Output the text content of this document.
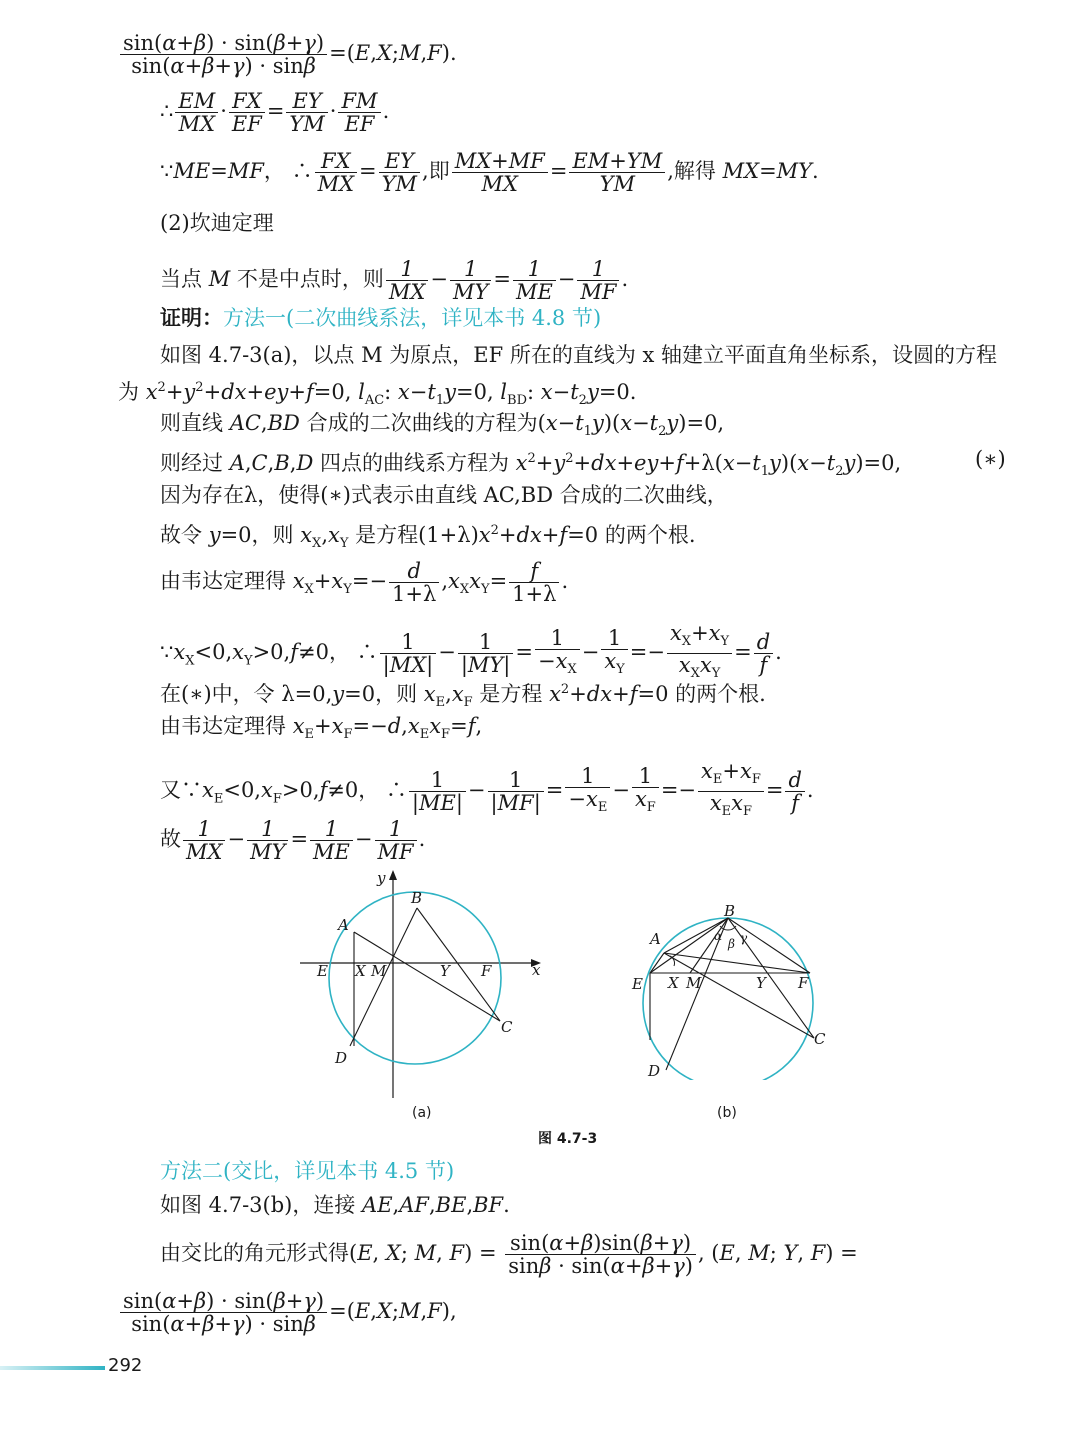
$\frac{\sin(\alpha+\beta) \cdot \sin(\beta+\gamma)}{\sin(\alpha+\beta+\gamma) \cdot \sin\beta}$ =(E,X;M,F).
∴ $\frac{EM}{MX} \cdot \frac{FX}{EF} = \frac{EY}{YM} \cdot \frac{FM}{EF}$ .
∵ME=MF， ∴ $\frac{FX}{MX} = \frac{EY}{YM}$ ,即 $\frac{MX+MF}{MX} = \frac{EM+YM}{YM}$ ,解得 MX=MY.
(2)坎迪定理
当点 M 不是中点时，则 $\frac{1}{MX} - \frac{1}{MY} = \frac{1}{ME} - \frac{1}{MF}$ .
证明：方法一(二次曲线系法，详见本书 4.8 节)
如图 4.7-3(a)，以点 M 为原点，EF 所在的直线为 x 轴建立平面直角坐标系，设圆的方程
为 $x^2+y^2+dx+ey+f=0$, $l_{AC}$: $x-t_1y=0$, $l_{BD}$: $x-t_2y=0$.
则直线 AC,BD 合成的二次曲线的方程为$(x-t_1y)(x-t_2y)=0$,
则经过 A,C,B,D 四点的曲线系方程为 $x^2+y^2+dx+ey+f+\lambda(x-t_1y)(x-t_2y)=0$,	(∗)
因为存在λ，使得(∗)式表示由直线 AC,BD 合成的二次曲线，
故令 y=0，则 $x_X,x_Y$ 是方程$(1+\lambda)x^2+dx+f=0$ 的两个根.
由韦达定理得 $x_X+x_Y=- \frac{d}{1+\lambda} ,x_Xx_Y= \frac{f}{1+\lambda}$ .
$\because x_X<0,x_Y>0,f\ne 0$， ∴ $\frac{1}{|MX|} - \frac{1}{|MY|} = \frac{1}{-x_X} - \frac{1}{x_Y}$ =−
$x_X+x_Y$
$x_Xx_Y$
= $\frac{d}{f}$ .
在(∗)中，令 λ=0,y=0，则 $x_E,x_F$ 是方程 $x^2+dx+f=0$ 的两个根.
由韦达定理得 $x_E+x_F=-d,x_Ex_F=f$,
又$\because x_E<0,x_F>0,f\ne 0$， ∴ $\frac{1}{|ME|} - \frac{1}{|MF|} = \frac{1}{-x_E} - \frac{1}{x_F}$ =−
$x_E+x_F$
$x_Ex_F$
= $\frac{d}{f}$ .
故 $\frac{1}{MX} - \frac{1}{MY} = \frac{1}{ME} - \frac{1}{MF}$ .
y
x
A
B
C
D
E X M	Y F
A
B
C
D
E X M	Y F
α
β γ
(a)	(b)
图 4.7-3
方法二(交比，详见本书 4.5 节)
如图 4.7-3(b)，连接 AE,AF,BE,BF.
由交比的角元形式得(E, X; M, $F) = \frac{\sin(\alpha+\beta)\sin(\beta+\gamma)}{\sin\beta \cdot \sin(\alpha+\beta+\gamma)}$ , (E, M; Y, F) =
$\frac{\sin(\alpha+\beta) \cdot \sin(\beta+\gamma)}{\sin(\alpha+\beta+\gamma) \cdot \sin\beta}$ =(E,X;M,F),
292
